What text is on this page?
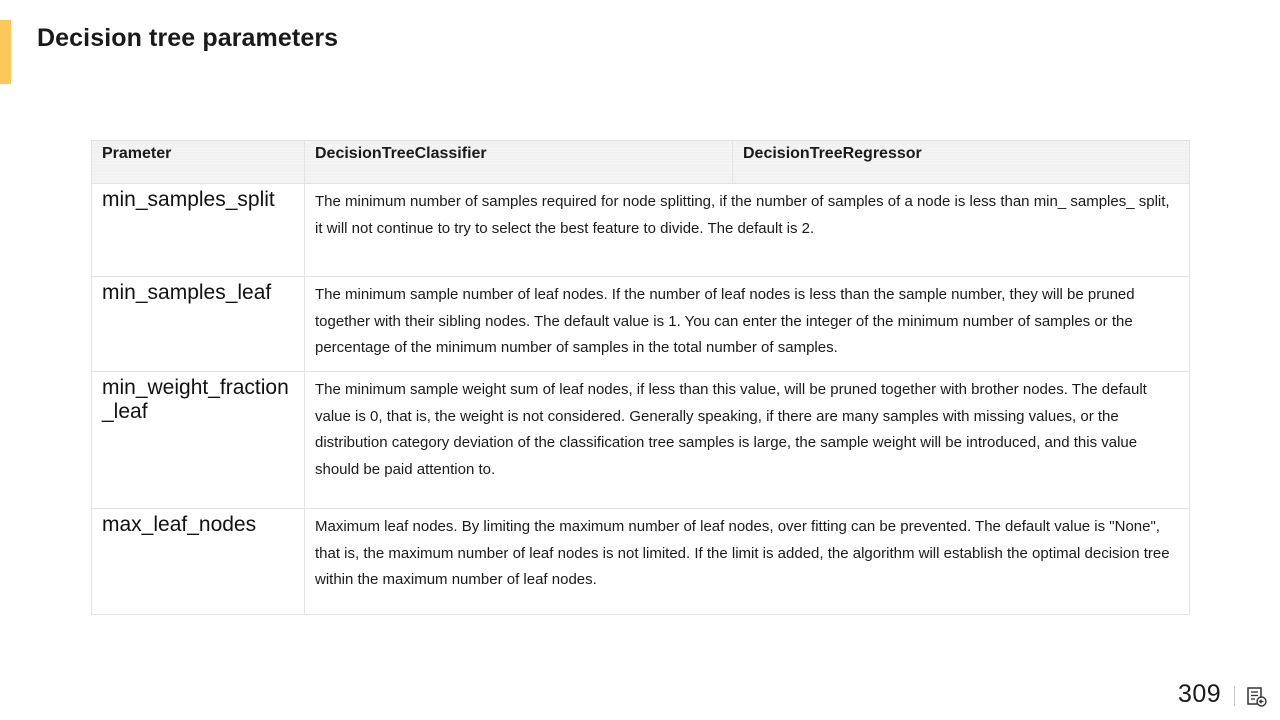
Decision tree parameters
Prameter	DecisionTreeClassifier	DecisionTreeRegressor
min_samples_split	The minimum number of samples required for node splitting, if the number of samples of a node is less than min_ samples_ split, it will not continue to try to select the best feature to divide. The default is 2.	
min_samples_leaf	The minimum sample number of leaf nodes. If the number of leaf nodes is less than the sample number, they will be pruned together with their sibling nodes. The default value is 1. You can enter the integer of the minimum number of samples or the percentage of the minimum number of samples in the total number of samples.	
min_weight_fraction_leaf	The minimum sample weight sum of leaf nodes, if less than this value, will be pruned together with brother nodes. The default value is 0, that is, the weight is not considered. Generally speaking, if there are many samples with missing values, or the distribution category deviation of the classification tree samples is large, the sample weight will be introduced, and this value should be paid attention to.	
max_leaf_nodes	Maximum leaf nodes. By limiting the maximum number of leaf nodes, over fitting can be prevented. The default value is "None", that is, the maximum number of leaf nodes is not limited. If the limit is added, the algorithm will establish the optimal decision tree within the maximum number of leaf nodes.	
309
